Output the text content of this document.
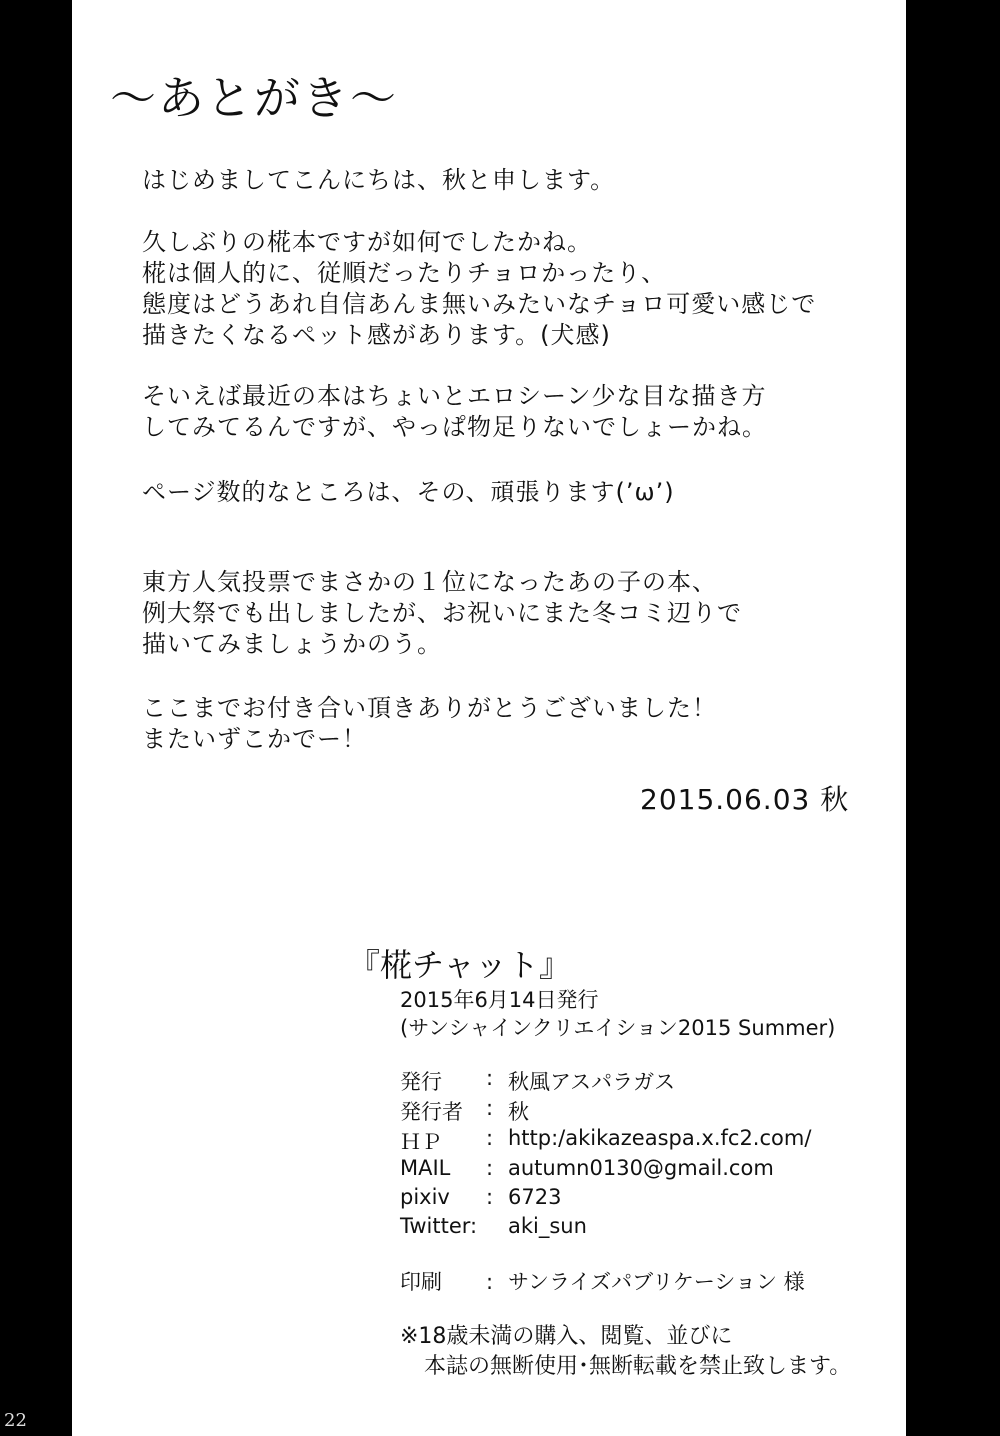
～あとがき～
はじめましてこんにちは、秋と申します。
久しぶりの椛本ですが如何でしたかね。
椛は個人的に、従順だったりチョロかったり、
態度はどうあれ自信あんま無いみたいなチョロ可愛い感じで
描きたくなるペット感があります。(犬感)
そいえば最近の本はちょいとエロシーン少な目な描き方
してみてるんですが、やっぱ物足りないでしょーかね。
ページ数的なところは、その、頑張ります(’ω’)
東方人気投票でまさかの１位になったあの子の本、
例大祭でも出しましたが、お祝いにまた冬コミ辺りで
描いてみましょうかのう。
ここまでお付き合い頂きありがとうございました！
またいずこかでー！
2015.06.03 秋
『椛チャット』
2015年6月14日発行
(サンシャインクリエイション2015 Summer)
発行	:	秋風アスパラガス
発行者	:	秋
ＨＰ	:	http:/akikazeaspa.x.fc2.com/
MAIL	:	autumn0130@gmail.com
pixiv	:	6723
Twitter:		aki_sun
印刷 : サンライズパブリケーション 様
※18歳未満の購入、閲覧、並びに
本誌の無断使用･無断転載を禁止致します。
22
